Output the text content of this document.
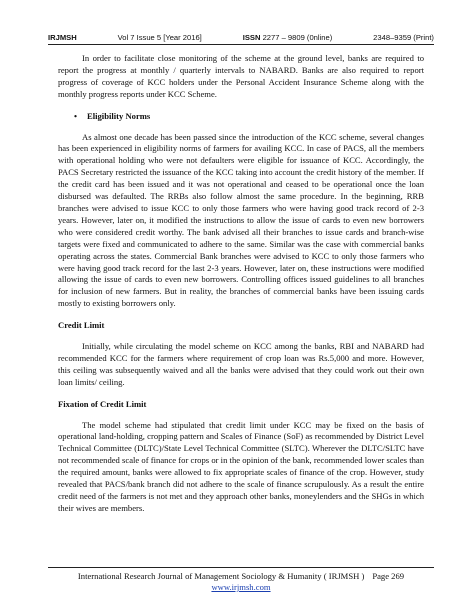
IRJMSH	Vol 7 Issue 5 [Year 2016]	ISSN 2277 – 9809 (0nline)	2348–9359 (Print)

In order to facilitate close monitoring of the scheme at the ground level, banks are required to report the progress at monthly / quarterly intervals to NABARD. Banks are also required to report progress of coverage of KCC holders under the Personal Accident Insurance Scheme along with the monthly progress reports under KCC Scheme.

• Eligibility Norms

As almost one decade has been passed since the introduction of the KCC scheme, several changes has been experienced in eligibility norms of farmers for availing KCC. In case of PACS, all the members with operational holding who were not defaulters were eligible for issuance of KCC. Accordingly, the PACS Secretary restricted the issuance of the KCC taking into account the credit history of the member. If the credit card has been issued and it was not operational and ceased to be operational once the loan disbursed was defaulted. The RRBs also follow almost the same procedure. In the beginning, RRB branches were advised to issue KCC to only those farmers who were having good track record of 2-3 years. However, later on, it modified the instructions to allow the issue of cards to even new borrowers who were considered credit worthy. The bank advised all their branches to issue cards and branch-wise targets were fixed and communicated to adhere to the same. Similar was the case with commercial banks operating across the states. Commercial Bank branches were advised to KCC to only those farmers who were having good track record for the last 2-3 years. However, later on, these instructions were modified allowing the issue of cards to even new borrowers. Controlling offices issued guidelines to all branches for inclusion of new farmers. But in reality, the branches of commercial banks have been issuing cards mostly to existing borrowers only.

Credit Limit

Initially, while circulating the model scheme on KCC among the banks, RBI and NABARD had recommended KCC for the farmers where requirement of crop loan was Rs.5,000 and more. However, this ceiling was subsequently waived and all the banks were advised that they could work out their own loan limits/ ceiling.

Fixation of Credit Limit

The model scheme had stipulated that credit limit under KCC may be fixed on the basis of operational land-holding, cropping pattern and Scales of Finance (SoF) as recommended by District Level Technical Committee (DLTC)/State Level Technical Committee (SLTC). Wherever the DLTC/SLTC have not recommended scale of finance for crops or in the opinion of the bank, recommended lower scales than the required amount, banks were allowed to fix appropriate scales of finance of the crop. However, study revealed that PACS/bank branch did not adhere to the scale of finance scrupulously. As a result the entire credit need of the farmers is not met and they approach other banks, moneylenders and the SHGs in which their wives are members.

International Research Journal of Management Sociology & Humanity ( IRJMSH ) Page 269
www.irjmsh.com
